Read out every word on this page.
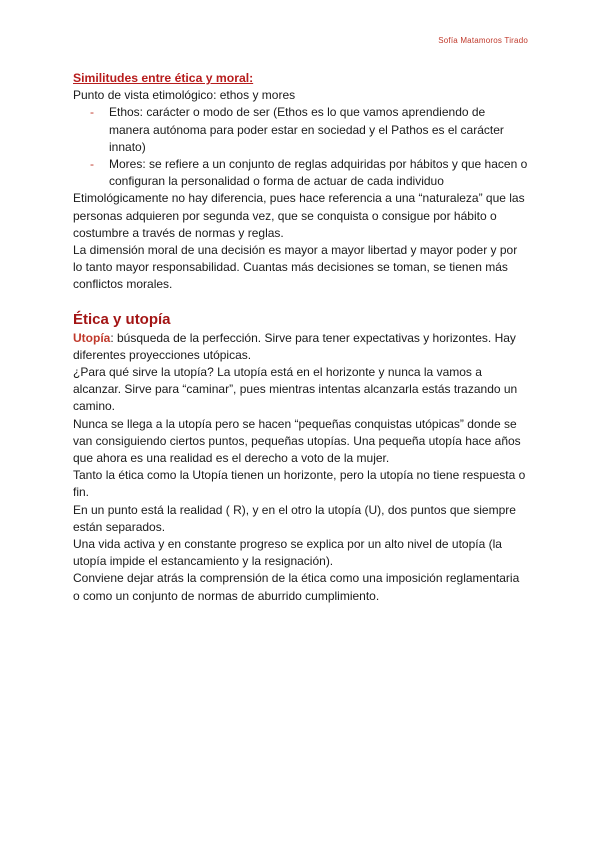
Sofía Matamoros Tirado
Similitudes entre ética y moral:

Punto de vista etimológico: ethos y mores

- Ethos: carácter o modo de ser (Ethos es lo que vamos aprendiendo de manera autónoma para poder estar en sociedad y el Pathos es el carácter innato)
- Mores: se refiere a un conjunto de reglas adquiridas por hábitos y que hacen o configuran la personalidad o forma de actuar de cada individuo

Etimológicamente no hay diferencia, pues hace referencia a una “naturaleza” que las personas adquieren por segunda vez, que se conquista o consigue por hábito o costumbre a través de normas y reglas.

La dimensión moral de una decisión es mayor a mayor libertad y mayor poder y por lo tanto mayor responsabilidad. Cuantas más decisiones se toman, se tienen más conflictos morales.

Ética y utopía

Utopía: búsqueda de la perfección. Sirve para tener expectativas y horizontes. Hay diferentes proyecciones utópicas.

¿Para qué sirve la utopía? La utopía está en el horizonte y nunca la vamos a alcanzar. Sirve para “caminar”, pues mientras intentas alcanzarla estás trazando un camino.

Nunca se llega a la utopía pero se hacen “pequeñas conquistas utópicas” donde se van consiguiendo ciertos puntos, pequeñas utopías. Una pequeña utopía hace años que ahora es una realidad es el derecho a voto de la mujer.

Tanto la ética como la Utopía tienen un horizonte, pero la utopía no tiene respuesta o fin.

En un punto está la realidad ( R), y en el otro la utopía (U), dos puntos que siempre están separados.

Una vida activa y en constante progreso se explica por un alto nivel de utopía (la utopía impide el estancamiento y la resignación).

Conviene dejar atrás la comprensión de la ética como una imposición reglamentaria o como un conjunto de normas de aburrido cumplimiento.
